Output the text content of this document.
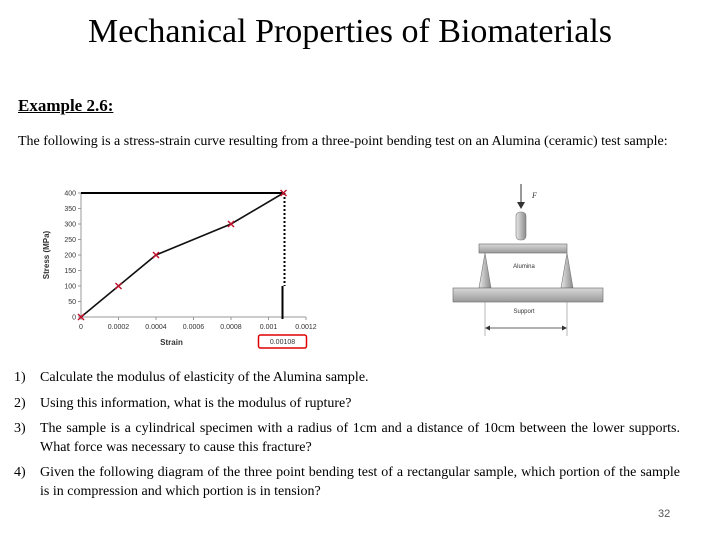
Mechanical Properties of Biomaterials
Example 2.6:
The following is a stress-strain curve resulting from a three-point bending test on an Alumina (ceramic) test sample:
0
50
100
150
200
250
300
350
400
0	0.0002 0.0004 0.0006 0.0008	0.001	0.0012
Stress (MPa)
Strain	0.00108
F
Alumina
Support
1) Calculate the modulus of elasticity of the Alumina sample.
2) Using this information, what is the modulus of rupture?
3) The sample is a cylindrical specimen with a radius of 1cm and a distance of 10cm between the lower supports. What force was necessary to cause this fracture?
4) Given the following diagram of the three point bending test of a rectangular sample, which portion of the sample is in compression and which portion is in tension?
32
